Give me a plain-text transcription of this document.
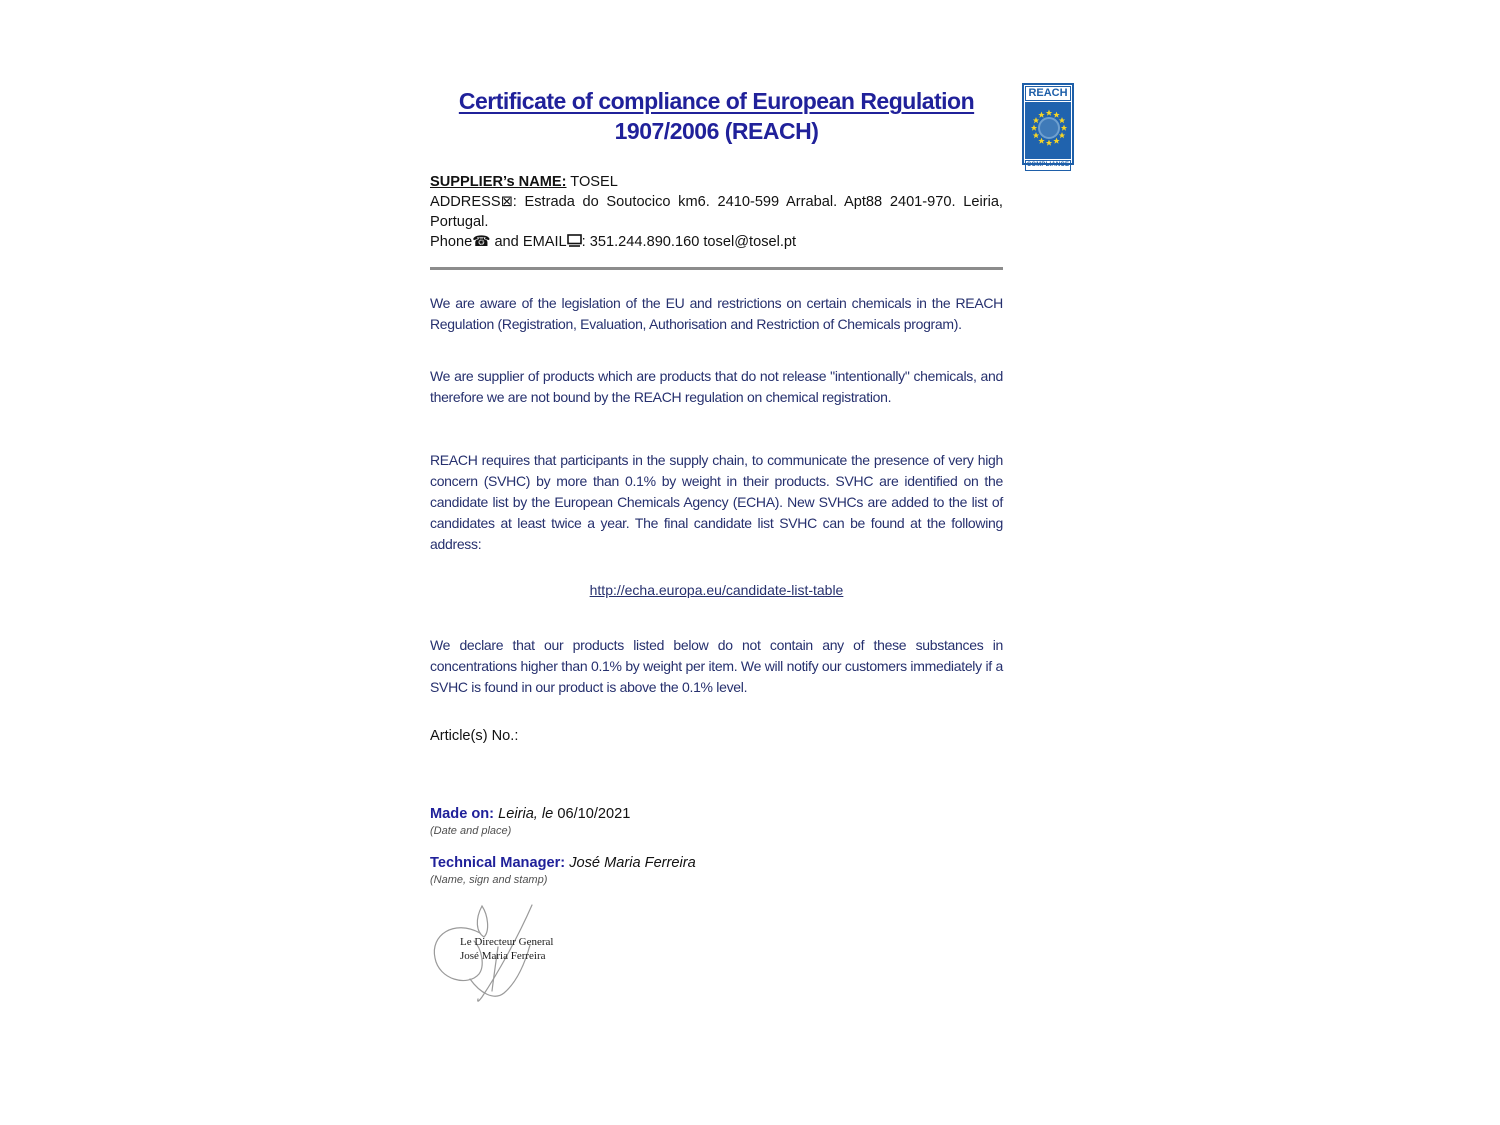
REACH
COMPLIANCE
Certificate of compliance of European Regulation
1907/2006 (REACH)
SUPPLIER’s NAME: TOSEL
ADDRESS⊠: Estrada do Soutocico km6. 2410-599 Arrabal. Apt88 2401-970. Leiria, Portugal.
Phone☎ and EMAIL : 351.244.890.160 tosel@tosel.pt

We are aware of the legislation of the EU and restrictions on certain chemicals in the REACH Regulation (Registration, Evaluation, Authorisation and Restriction of Chemicals program).

We are supplier of products which are products that do not release "intentionally" chemicals, and therefore we are not bound by the REACH regulation on chemical registration.

REACH requires that participants in the supply chain, to communicate the presence of very high concern (SVHC) by more than 0.1% by weight in their products. SVHC are identified on the candidate list by the European Chemicals Agency (ECHA). New SVHCs are added to the list of candidates at least twice a year. The final candidate list SVHC can be found at the following address:

http://echa.europa.eu/candidate-list-table

We declare that our products listed below do not contain any of these substances in concentrations higher than 0.1% by weight per item. We will notify our customers immediately if a SVHC is found in our product is above the 0.1% level.

Article(s) No.:
Made on: Leiria, le 06/10/2021
(Date and place)
Technical Manager: José Maria Ferreira
(Name, sign and stamp)
Le Directeur General
José Maria Ferreira
